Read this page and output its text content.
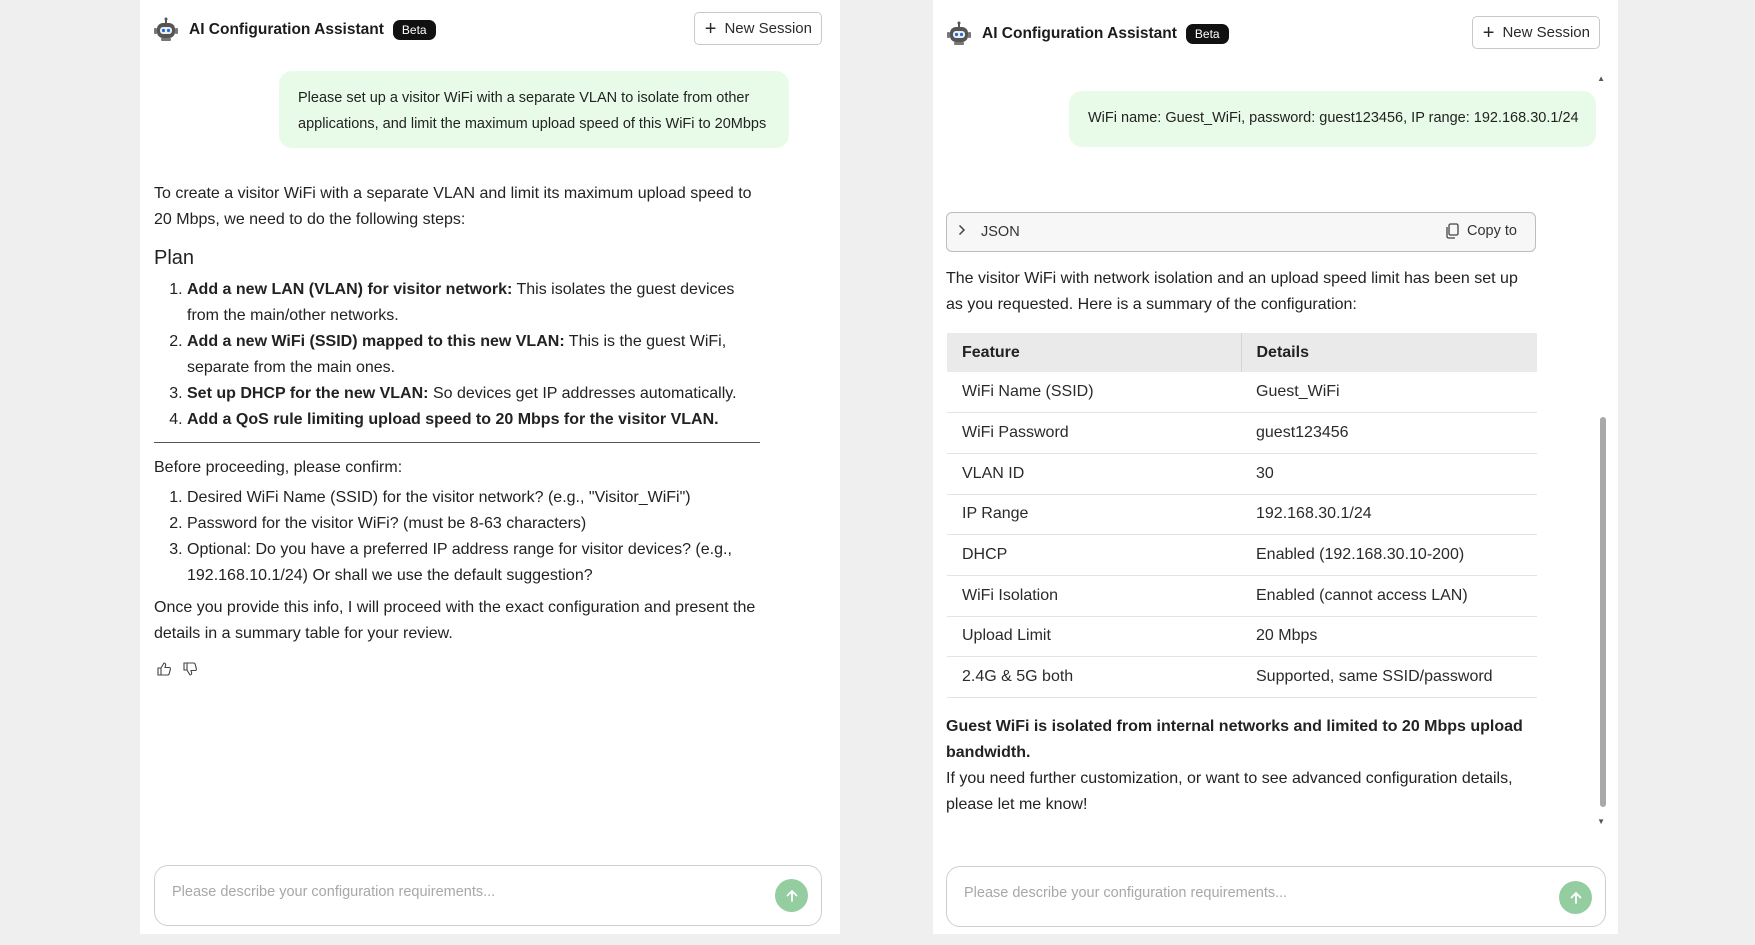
AI Configuration Assistant	Beta	+ New Session
Please set up a visitor WiFi with a separate VLAN to isolate from other applications, and limit the maximum upload speed of this WiFi to 20Mbps

To create a visitor WiFi with a separate VLAN and limit its maximum upload speed to 20 Mbps, we need to do the following steps:

Plan
1. Add a new LAN (VLAN) for visitor network: This isolates the guest devices from the main/other networks.
2. Add a new WiFi (SSID) mapped to this new VLAN: This is the guest WiFi, separate from the main ones.
3. Set up DHCP for the new VLAN: So devices get IP addresses automatically.
4. Add a QoS rule limiting upload speed to 20 Mbps for the visitor VLAN.

Before proceeding, please confirm:

1. Desired WiFi Name (SSID) for the visitor network? (e.g., "Visitor_WiFi")
2. Password for the visitor WiFi? (must be 8-63 characters)
3. Optional: Do you have a preferred IP address range for visitor devices? (e.g., 192.168.10.1/24) Or shall we use the default suggestion?

Once you provide this info, I will proceed with the exact configuration and present the details in a summary table for your review.

Please describe your configuration requirements...
AI Configuration Assistant	Beta	+ New Session
▲
WiFi name: Guest_WiFi, password: guest123456, IP range: 192.168.30.1/24
JSON	Copy to

The visitor WiFi with network isolation and an upload speed limit has been set up as you requested. Here is a summary of the configuration:

Feature	Details
WiFi Name (SSID)	Guest_WiFi
WiFi Password	guest123456
VLAN ID	30
IP Range	192.168.30.1/24
DHCP	Enabled (192.168.30.10-200)
WiFi Isolation	Enabled (cannot access LAN)
Upload Limit	20 Mbps
2.4G & 5G both	Supported, same SSID/password

Guest WiFi is isolated from internal networks and limited to 20 Mbps upload bandwidth.

If you need further customization, or want to see advanced configuration details, please let me know!

▼
Please describe your configuration requirements...
